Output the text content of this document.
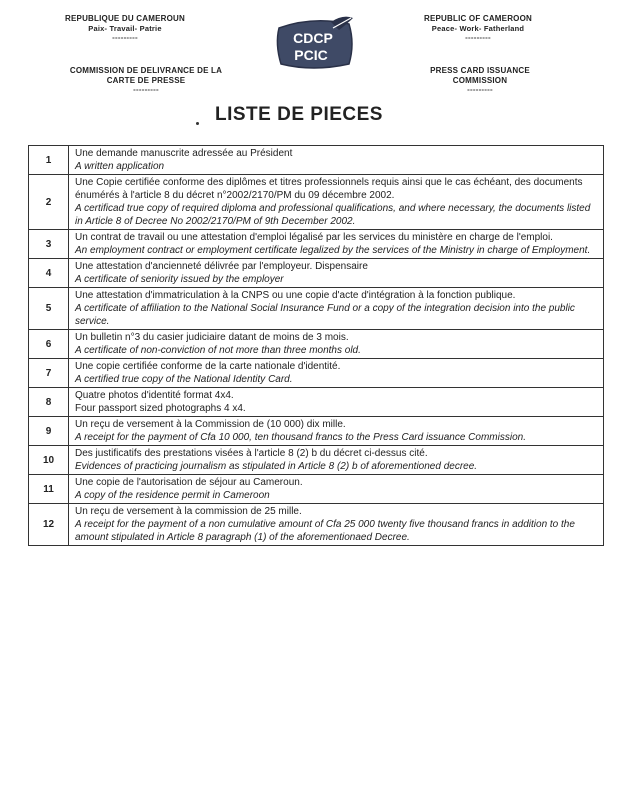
REPUBLIQUE DU CAMEROUN
Paix- Travail- Patrie
---------
REPUBLIC OF CAMEROON
Peace- Work- Fatherland
---------
COMMISSION DE DELIVRANCE DE LA
CARTE DE PRESSE
---------
PRESS CARD ISSUANCE
COMMISSION
---------
CDCP
PCIC
LISTE DE PIECES
1	Une demande manuscrite adressée au Président
A written application

2	Une Copie certifiée conforme des diplômes et titres professionnels requis ainsi que le cas échéant, des documents énumérés à l'article 8 du décret n°2002/2170/PM du 09 décembre 2002.
A certificad true copy of required diploma and professional qualifications, and where necessary, the documents listed in Article 8 of Decree No 2002/2170/PM of 9th December 2002.

3	Un contrat de travail ou une attestation d'emploi légalisé par les services du ministère en charge de l'emploi.
An employment contract or employment certificate legalized by the services of the Ministry in charge of Employment.

4	Une attestation d'ancienneté délivrée par l'employeur. Dispensaire
A certificate of seniority issued by the employer

5	Une attestation d'immatriculation à la CNPS ou une copie d'acte d'intégration à la fonction publique.
A certificate of affiliation to the National Social Insurance Fund or a copy of the integration decision into the public service.

6	Un bulletin n°3 du casier judiciaire datant de moins de 3 mois.
A certificate of non-conviction of not more than three months old.

7	Une copie certifiée conforme de la carte nationale d'identité.
A certified true copy of the National Identity Card.

8	Quatre photos d'identité format 4x4.
Four passport sized photographs 4 x4.

9	Un reçu de versement à la Commission de (10 000) dix mille.
A receipt for the payment of Cfa 10 000, ten thousand francs to the Press Card issuance Commission.

10	Des justificatifs des prestations visées à l'article 8 (2) b du décret ci-dessus cité.
Evidences of practicing journalism as stipulated in Article 8 (2) b of aforementioned decree.

11	Une copie de l'autorisation de séjour au Cameroun.
A copy of the residence permit in Cameroon

12	Un reçu de versement à la commission de 25 mille.
A receipt for the payment of a non cumulative amount of Cfa 25 000 twenty five thousand francs in addition to the amount stipulated in Article 8 paragraph (1) of the aforementionaed Decree.
